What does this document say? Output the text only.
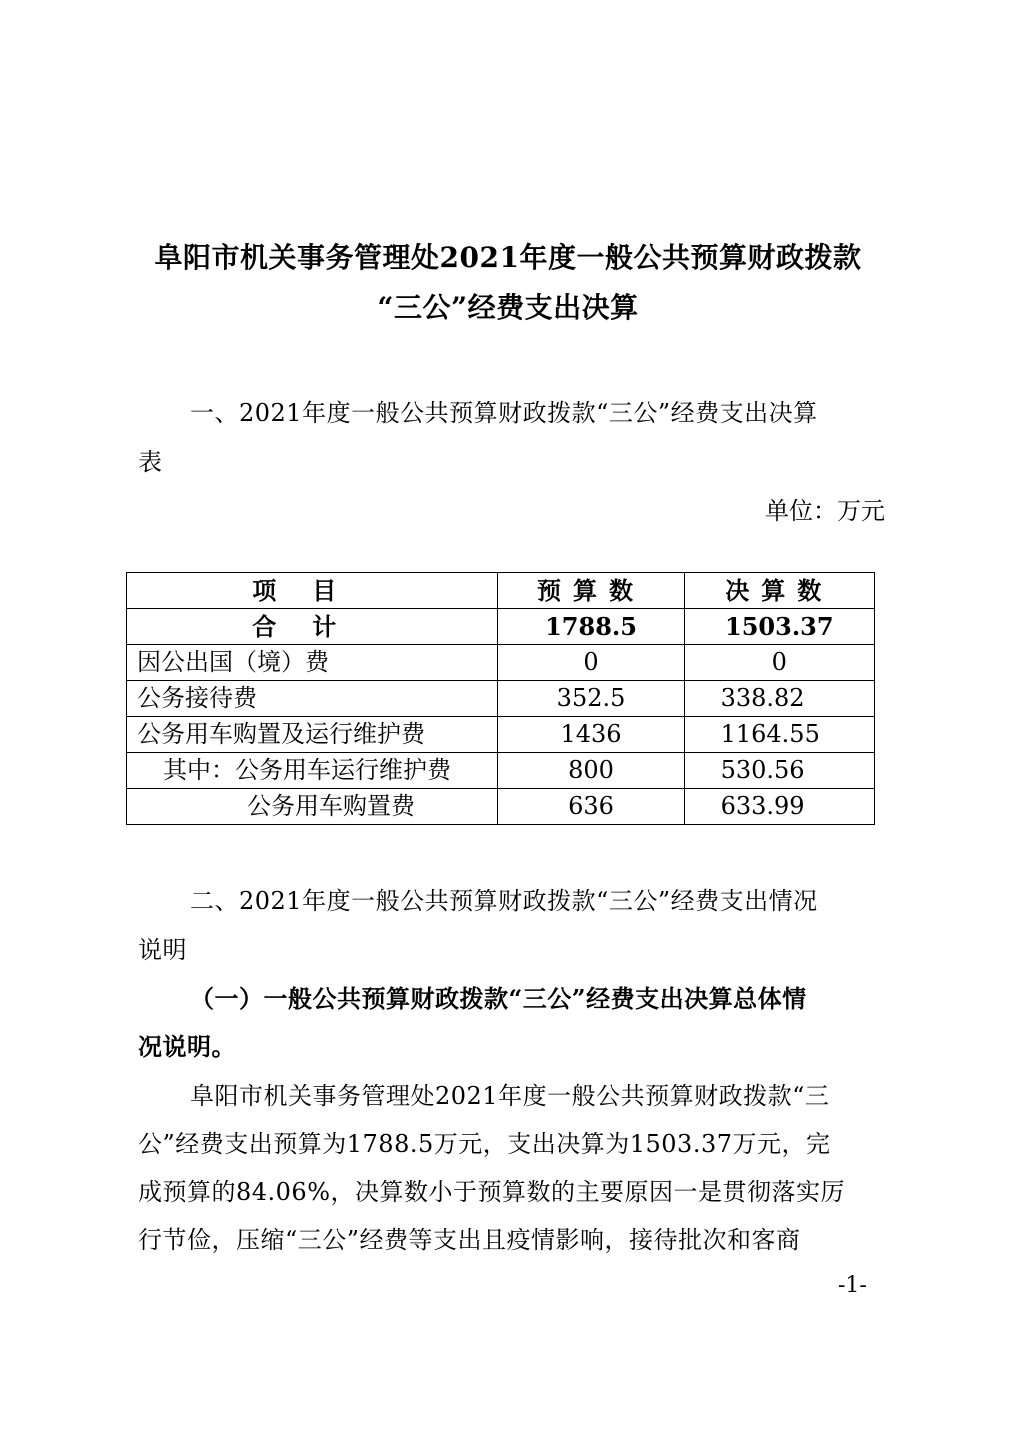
阜阳市机关事务管理处2021年度一般公共预算财政拨款
“三公”经费支出决算
一、2021年度一般公共预算财政拨款“三公”经费支出决算
表
单位：万元
项目	预算数	决算数
合计	1788.5	1503.37
因公出国（境）费	0	0
公务接待费	352.5	338.82
公务用车购置及运行维护费	1436	1164.55
其中：公务用车运行维护费	800	530.56
公务用车购置费	636	633.99
二、2021年度一般公共预算财政拨款“三公”经费支出情况
说明
（一）一般公共预算财政拨款“三公”经费支出决算总体情
况说明。
阜阳市机关事务管理处2021年度一般公共预算财政拨款“三
公”经费支出预算为1788.5万元，支出决算为1503.37万元，完
成预算的84.06%，决算数小于预算数的主要原因一是贯彻落实厉
行节俭，压缩“三公”经费等支出且疫情影响，接待批次和客商
-1-
